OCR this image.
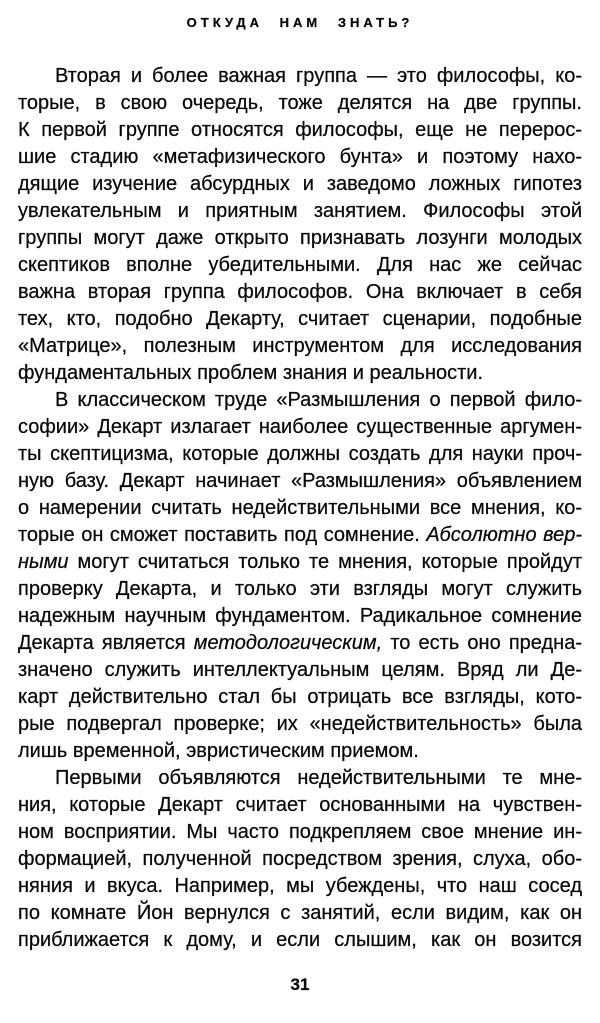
ОТКУДА НАМ ЗНАТЬ?
Вторая и более важная группа — это философы, ко-
торые, в свою очередь, тоже делятся на две группы.
К первой группе относятся философы, еще не перерос-
шие стадию «метафизического бунта» и поэтому нахо-
дящие изучение абсурдных и заведомо ложных гипотез
увлекательным и приятным занятием. Философы этой
группы могут даже открыто признавать лозунги молодых
скептиков вполне убедительными. Для нас же сейчас
важна вторая группа философов. Она включает в себя
тех, кто, подобно Декарту, считает сценарии, подобные
«Матрице», полезным инструментом для исследования
фундаментальных проблем знания и реальности.
В классическом труде «Размышления о первой фило-
софии» Декарт излагает наиболее существенные аргумен-
ты скептицизма, которые должны создать для науки проч-
ную базу. Декарт начинает «Размышления» объявлением
о намерении считать недействительными все мнения, ко-
торые он сможет поставить под сомнение. Абсолютно вер-
ными могут считаться только те мнения, которые пройдут
проверку Декарта, и только эти взгляды могут служить
надежным научным фундаментом. Радикальное сомнение
Декарта является методологическим, то есть оно предна-
значено служить интеллектуальным целям. Вряд ли Де-
карт действительно стал бы отрицать все взгляды, кото-
рые подвергал проверке; их «недействительность» была
лишь временной, эвристическим приемом.
Первыми объявляются недействительными те мне-
ния, которые Декарт считает основанными на чувствен-
ном восприятии. Мы часто подкрепляем свое мнение ин-
формацией, полученной посредством зрения, слуха, обо-
няния и вкуса. Например, мы убеждены, что наш сосед
по комнате Йон вернулся с занятий, если видим, как он
приближается к дому, и если слышим, как он возится
31
